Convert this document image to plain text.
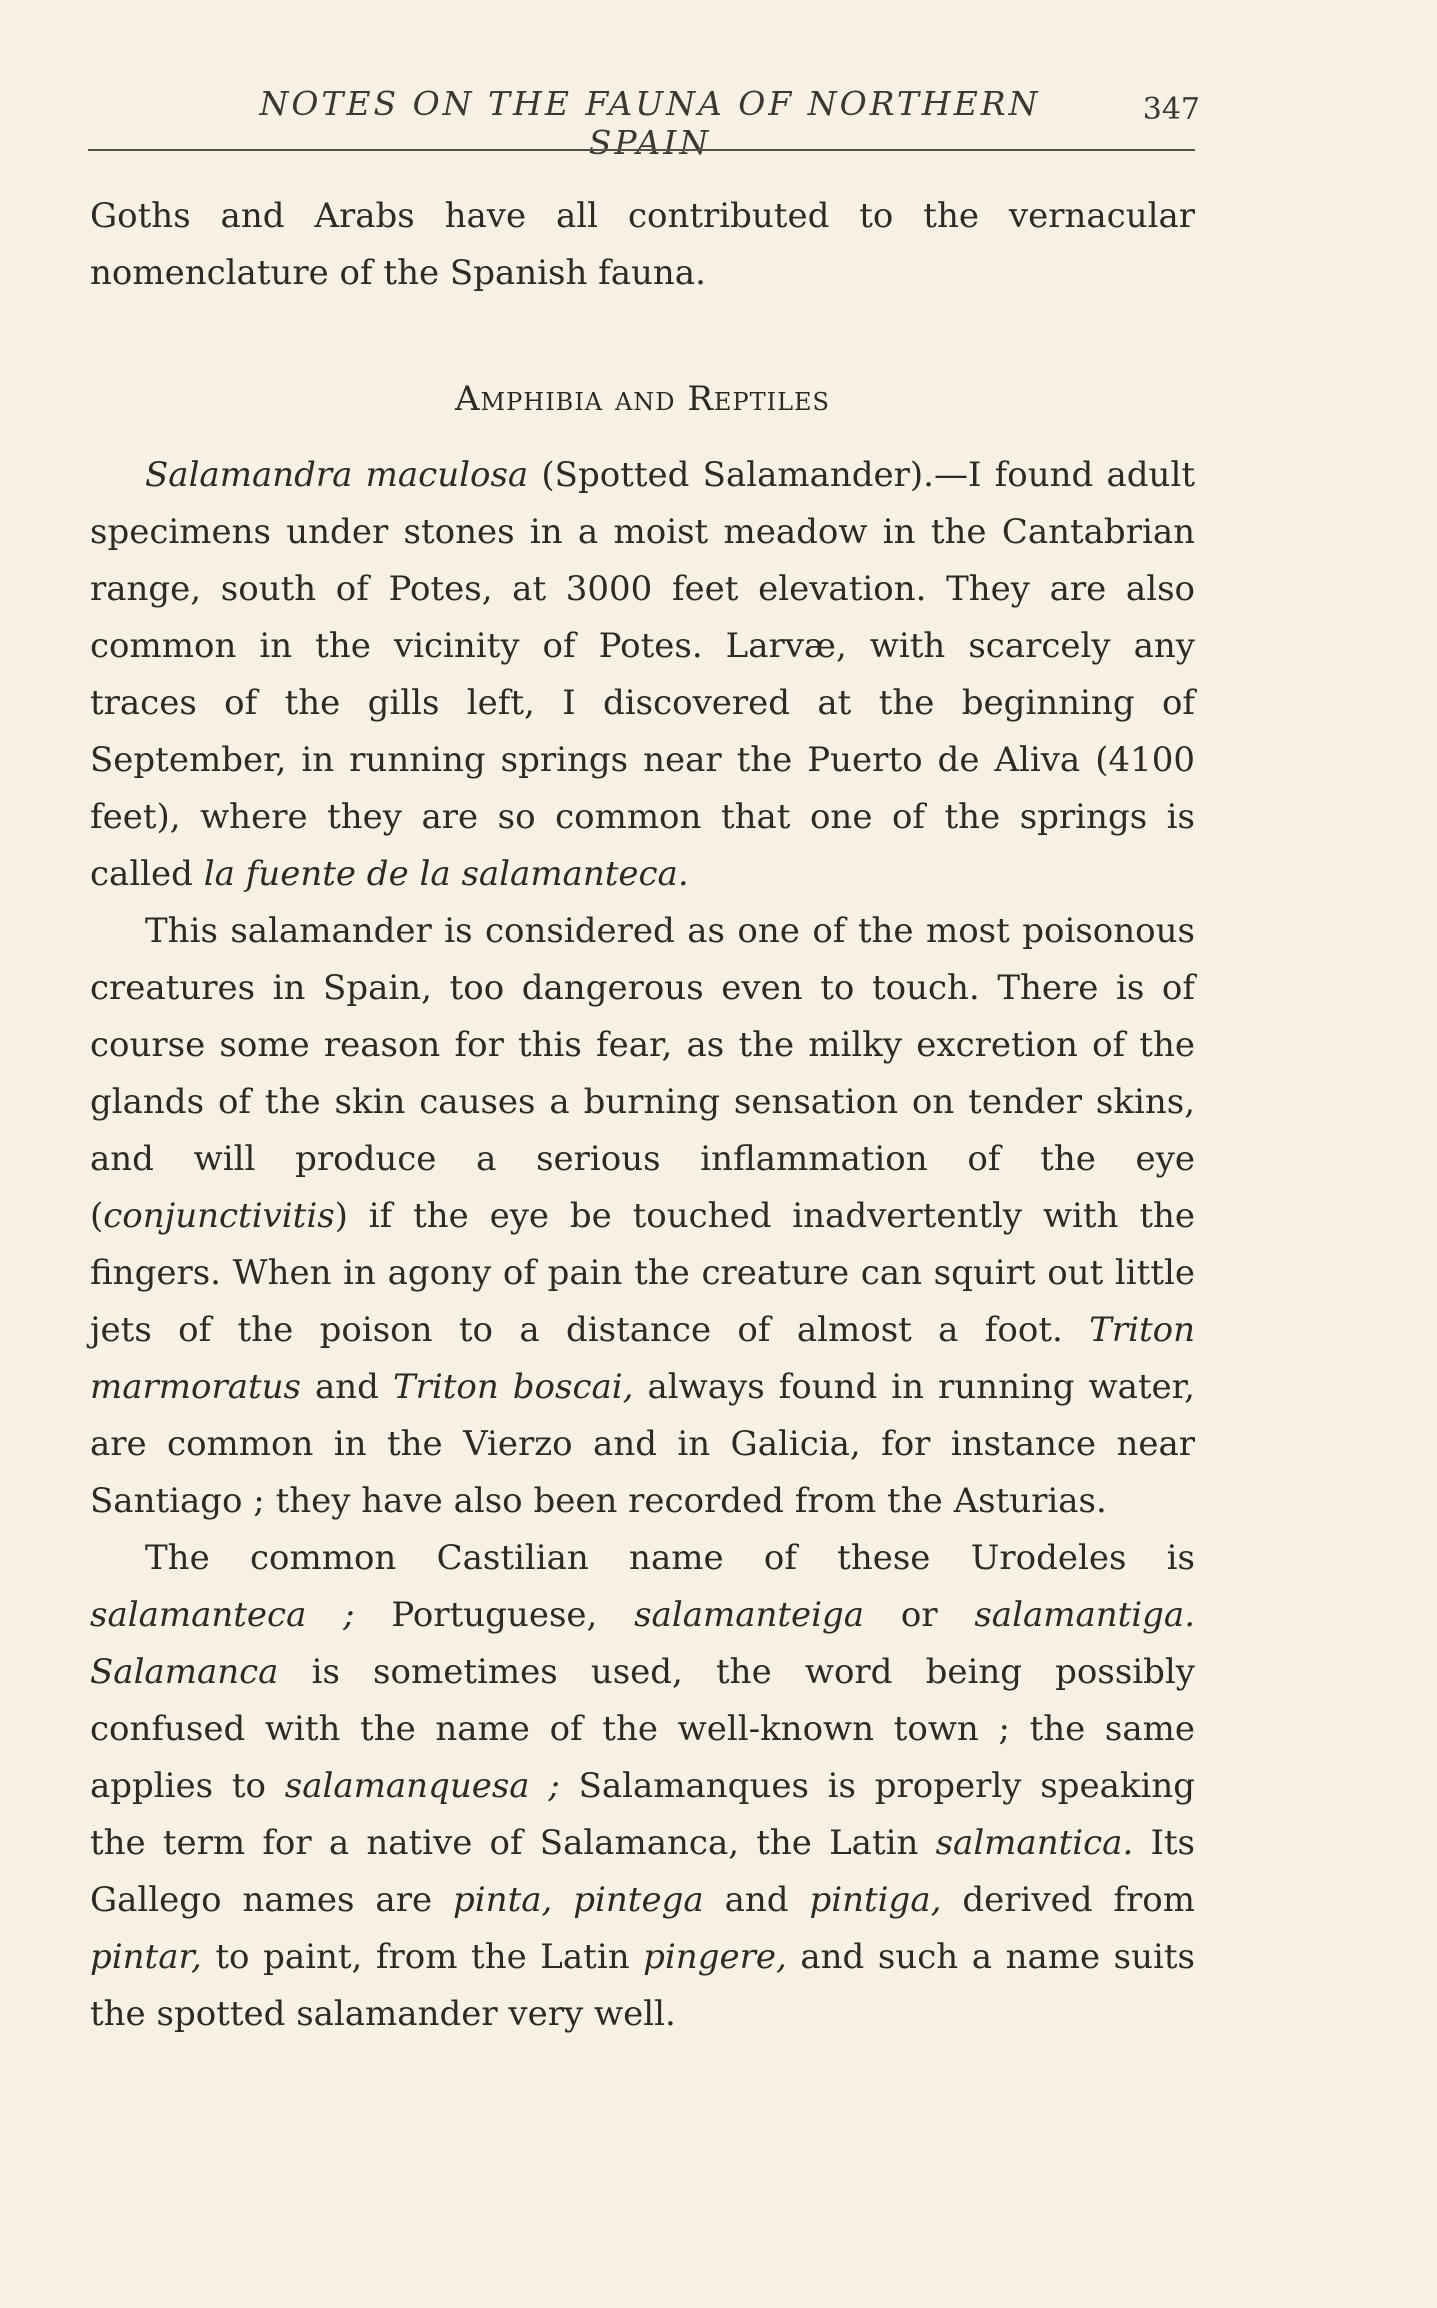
NOTES ON THE FAUNA OF NORTHERN SPAIN
347

Goths and Arabs have all contributed to the vernacular nomenclature of the Spanish fauna.

Amphibia and Reptiles

Salamandra maculosa (Spotted Salamander).—I found adult specimens under stones in a moist meadow in the Cantabrian range, south of Potes, at 3000 feet elevation. They are also common in the vicinity of Potes. Larvæ, with scarcely any traces of the gills left, I discovered at the beginning of September, in running springs near the Puerto de Aliva (4100 feet), where they are so common that one of the springs is called la fuente de la salamanteca.

This salamander is considered as one of the most poisonous creatures in Spain, too dangerous even to touch. There is of course some reason for this fear, as the milky excretion of the glands of the skin causes a burning sensation on tender skins, and will produce a serious inflammation of the eye (conjunctivitis) if the eye be touched inadvertently with the fingers. When in agony of pain the creature can squirt out little jets of the poison to a distance of almost a foot. Triton marmoratus and Triton boscai, always found in running water, are common in the Vierzo and in Galicia, for instance near Santiago ; they have also been recorded from the Asturias.

The common Castilian name of these Urodeles is salamanteca ; Portuguese, salamanteiga or salamantiga. Salamanca is sometimes used, the word being possibly confused with the name of the well-known town ; the same applies to salamanquesa ; Salamanques is properly speaking the term for a native of Salamanca, the Latin salmantica. Its Gallego names are pinta, pintega and pintiga, derived from pintar, to paint, from the Latin pingere, and such a name suits the spotted salamander very well.
